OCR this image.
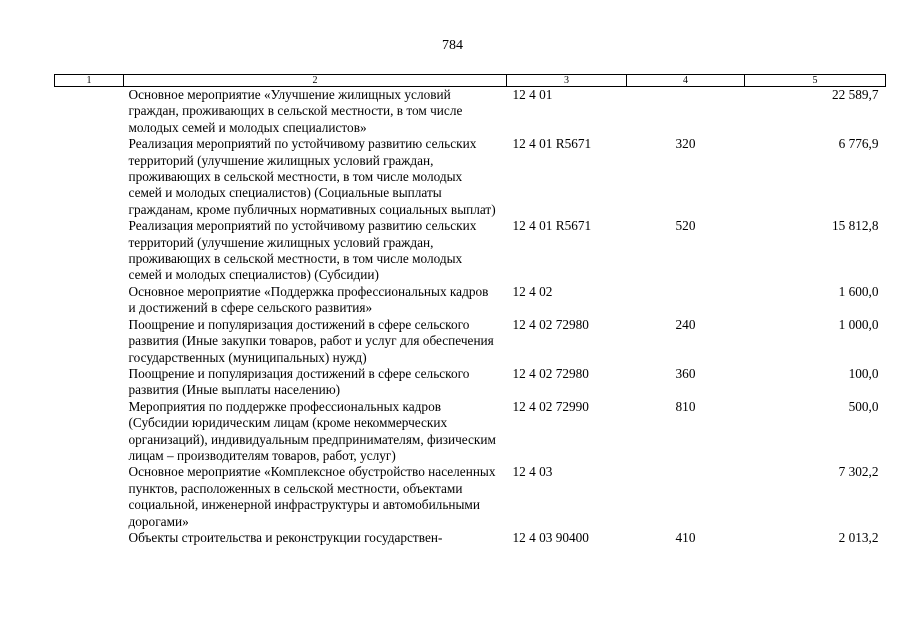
784
1	2	3	4	5
	Основное мероприятие «Улучшение жилищных условий граждан, проживающих в сельской местности, в том числе молодых семей и молодых специалистов»	12 4 01		22 589,7
	Реализация мероприятий по устойчивому развитию сельских территорий (улучшение жилищных условий граждан, проживающих в сельской местности, в том числе молодых семей и молодых специалистов) (Социальные выплаты гражданам, кроме публичных нормативных социальных выплат)	12 4 01 R5671	320	6 776,9
	Реализация мероприятий по устойчивому развитию сельских территорий (улучшение жилищных условий граждан, проживающих в сельской местности, в том числе молодых семей и молодых специалистов) (Субсидии)	12 4 01 R5671	520	15 812,8
	Основное мероприятие «Поддержка профессиональных кадров и достижений в сфере сельского развития»	12 4 02		1 600,0
	Поощрение и популяризация достижений в сфере сельского развития (Иные закупки товаров, работ и услуг для обеспечения государственных (муниципальных) нужд)	12 4 02 72980	240	1 000,0
	Поощрение и популяризация достижений в сфере сельского развития (Иные выплаты населению)	12 4 02 72980	360	100,0
	Мероприятия по поддержке профессиональных кадров (Субсидии юридическим лицам (кроме некоммерческих организаций), индивидуальным предпринимателям, физическим лицам – производителям товаров, работ, услуг)	12 4 02 72990	810	500,0
	Основное мероприятие «Комплексное обустройство населенных пунктов, расположенных в сельской местности, объектами социальной, инженерной инфраструктуры и автомобильными дорогами»	12 4 03		7 302,2
	Объекты строительства и реконструкции государствен-	12 4 03 90400	410	2 013,2
